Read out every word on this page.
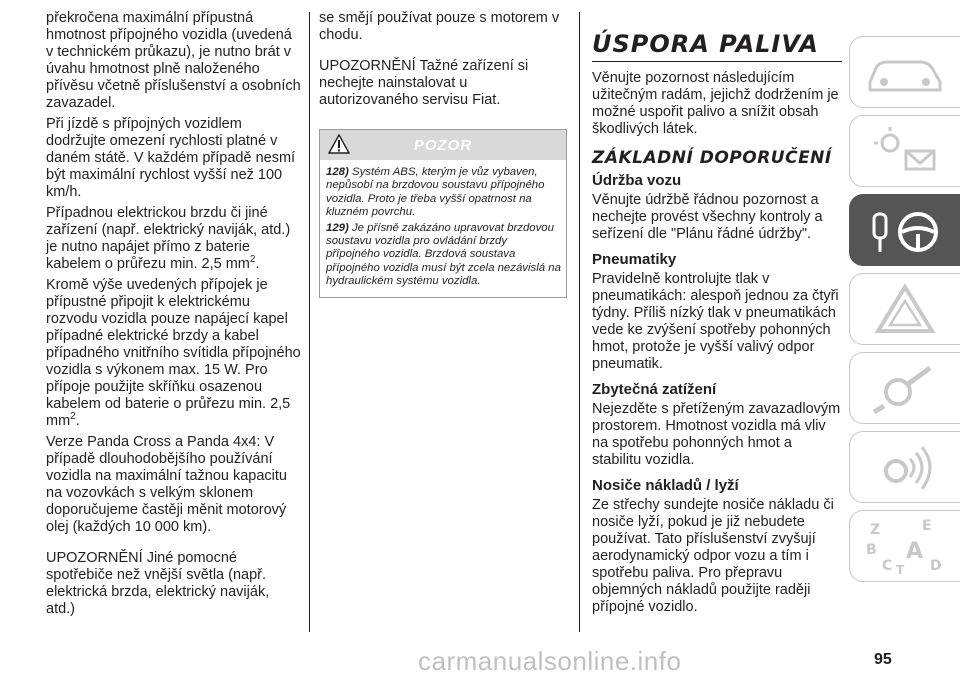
překročena maximální přípustná hmotnost přípojného vozidla (uvedená v technickém průkazu), je nutno brát v úvahu hmotnost plně naloženého přívěsu včetně příslušenství a osobních zavazadel.

Při jízdě s přípojných vozidlem dodržujte omezení rychlosti platné v daném státě. V každém případě nesmí být maximální rychlost vyšší než 100 km/h.

Případnou elektrickou brzdu či jiné zařízení (např. elektrický naviják, atd.) je nutno napájet přímo z baterie kabelem o průřezu min. 2,5 $mm^2$.

Kromě výše uvedených přípojek je přípustné připojit k elektrickému rozvodu vozidla pouze napájecí kapel případné elektrické brzdy a kabel případného vnitřního svítidla přípojného vozidla s výkonem max. 15 W. Pro přípoje použijte skříňku osazenou kabelem od baterie o průřezu min. 2,5 $mm^2$.

Verze Panda Cross a Panda 4x4: V případě dlouhodobějšího používání vozidla na maximální tažnou kapacitu na vozovkách s velkým sklonem doporučujeme častěji měnit motorový olej (každých 10 000 km).

UPOZORNĚNÍ Jiné pomocné spotřebiče než vnější světla (např. elektrická brzda, elektrický naviják, atd.)

se smějí používat pouze s motorem v chodu.

UPOZORNĚNÍ Tažné zařízení si nechejte nainstalovat u autorizovaného servisu Fiat.

POZOR

128) Systém ABS, kterým je vůz vybaven, nepůsobí na brzdovou soustavu přípojného vozidla. Proto je třeba vyšší opatrnost na kluzném povrchu.

129) Je přísně zakázáno upravovat brzdovou soustavu vozidla pro ovládání brzdy přípojného vozidla. Brzdová soustava přípojného vozidla musí být zcela nezávislá na hydraulickém systému vozidla.

ÚSPORA PALIVA

Věnujte pozornost následujícím užitečným radám, jejichž dodržením je možné uspořit palivo a snížit obsah škodlivých látek.

ZÁKLADNÍ DOPORUČENÍ
Údržba vozu

Věnujte údržbě řádnou pozornost a nechejte provést všechny kontroly a seřízení dle "Plánu řádné údržby".

Pneumatiky

Pravidelně kontrolujte tlak v pneumatikách: alespoň jednou za čtyři týdny. Příliš nízký tlak v pneumatikách vede ke zvýšení spotřeby pohonných hmot, protože je vyšší valivý odpor pneumatik.

Zbytečná zatížení

Nejezděte s přetíženým zavazadlovým prostorem. Hmotnost vozidla má vliv na spotřebu pohonných hmot a stabilitu vozidla.

Nosiče nákladů / lyží

Ze střechy sundejte nosiče nákladu či nosiče lyží, pokud je již nebudete používat. Tato příslušenství zvyšují aerodynamický odpor vozu a tím i spotřebu paliva. Pro přepravu objemných nákladů použijte raději přípojné vozidlo.

Z	E
B A
C T D
95
carmanualsonline.info
